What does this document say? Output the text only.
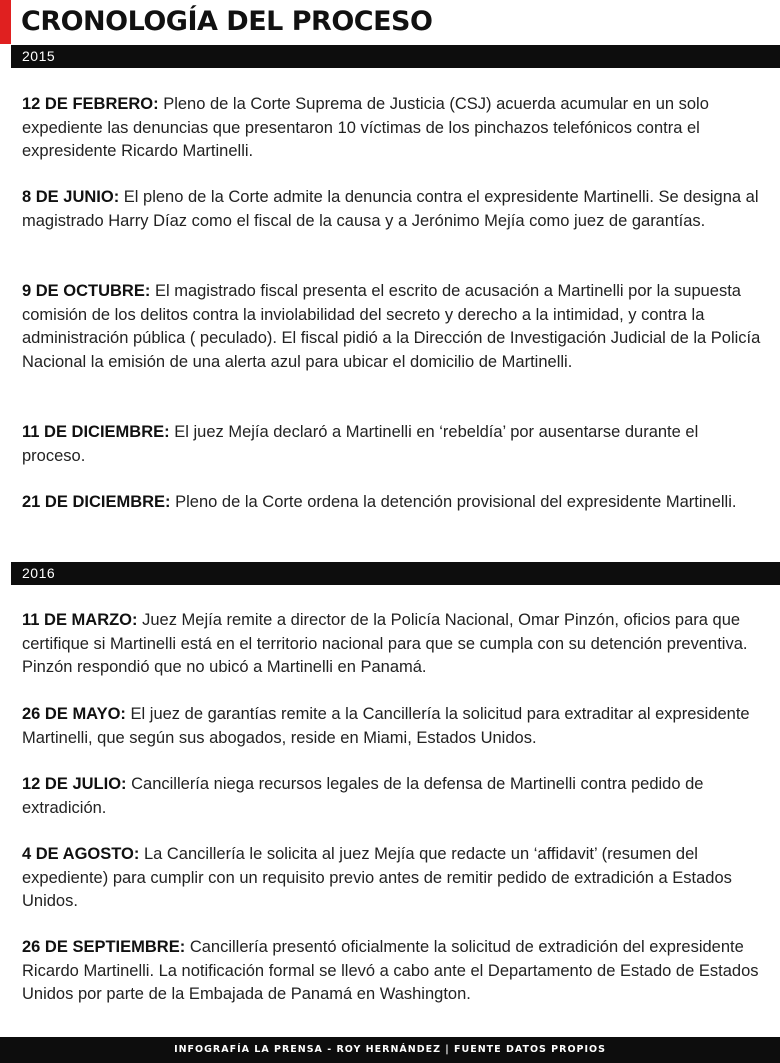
CRONOLOGÍA DEL PROCESO
2015

12 DE FEBRERO: Pleno de la Corte Suprema de Justicia (CSJ) acuerda acumular en un solo expediente las denuncias que presentaron 10 víctimas de los pinchazos telefónicos contra el expresidente Ricardo Martinelli.

8 DE JUNIO: El pleno de la Corte admite la denuncia contra el expresidente Martinelli. Se designa al magistrado Harry Díaz como el fiscal de la causa y a Jerónimo Mejía como juez de garantías.

9 DE OCTUBRE: El magistrado fiscal presenta el escrito de acusación a Martinelli por la supuesta comisión de los delitos contra la inviolabilidad del secreto y derecho a la intimidad, y contra la administración pública ( peculado). El fiscal pidió a la Dirección de Investigación Judicial de la Policía Nacional la emisión de una alerta azul para ubicar el domicilio de Martinelli.

11 DE DICIEMBRE: El juez Mejía declaró a Martinelli en ‘rebeldía’ por ausentarse durante el proceso.

21 DE DICIEMBRE: Pleno de la Corte ordena la detención provisional del expresidente Martinelli.

2016

11 DE MARZO: Juez Mejía remite a director de la Policía Nacional, Omar Pinzón, oficios para que certifique si Martinelli está en el territorio nacional para que se cumpla con su detención preventiva. Pinzón respondió que no ubicó a Martinelli en Panamá.

26 DE MAYO: El juez de garantías remite a la Cancillería la solicitud para extraditar al expresidente Martinelli, que según sus abogados, reside en Miami, Estados Unidos.

12 DE JULIO: Cancillería niega recursos legales de la defensa de Martinelli contra pedido de extradición.

4 DE AGOSTO: La Cancillería le solicita al juez Mejía que redacte un ‘affidavit’ (resumen del expediente) para cumplir con un requisito previo antes de remitir pedido de extradición a Estados Unidos.

26 DE SEPTIEMBRE: Cancillería presentó oficialmente la solicitud de extradición del expresidente Ricardo Martinelli. La notificación formal se llevó a cabo ante el Departamento de Estado de Estados Unidos por parte de la Embajada de Panamá en Washington.

INFOGRAFÍA LA PRENSA - ROY HERNÁNDEZ | FUENTE DATOS PROPIOS
